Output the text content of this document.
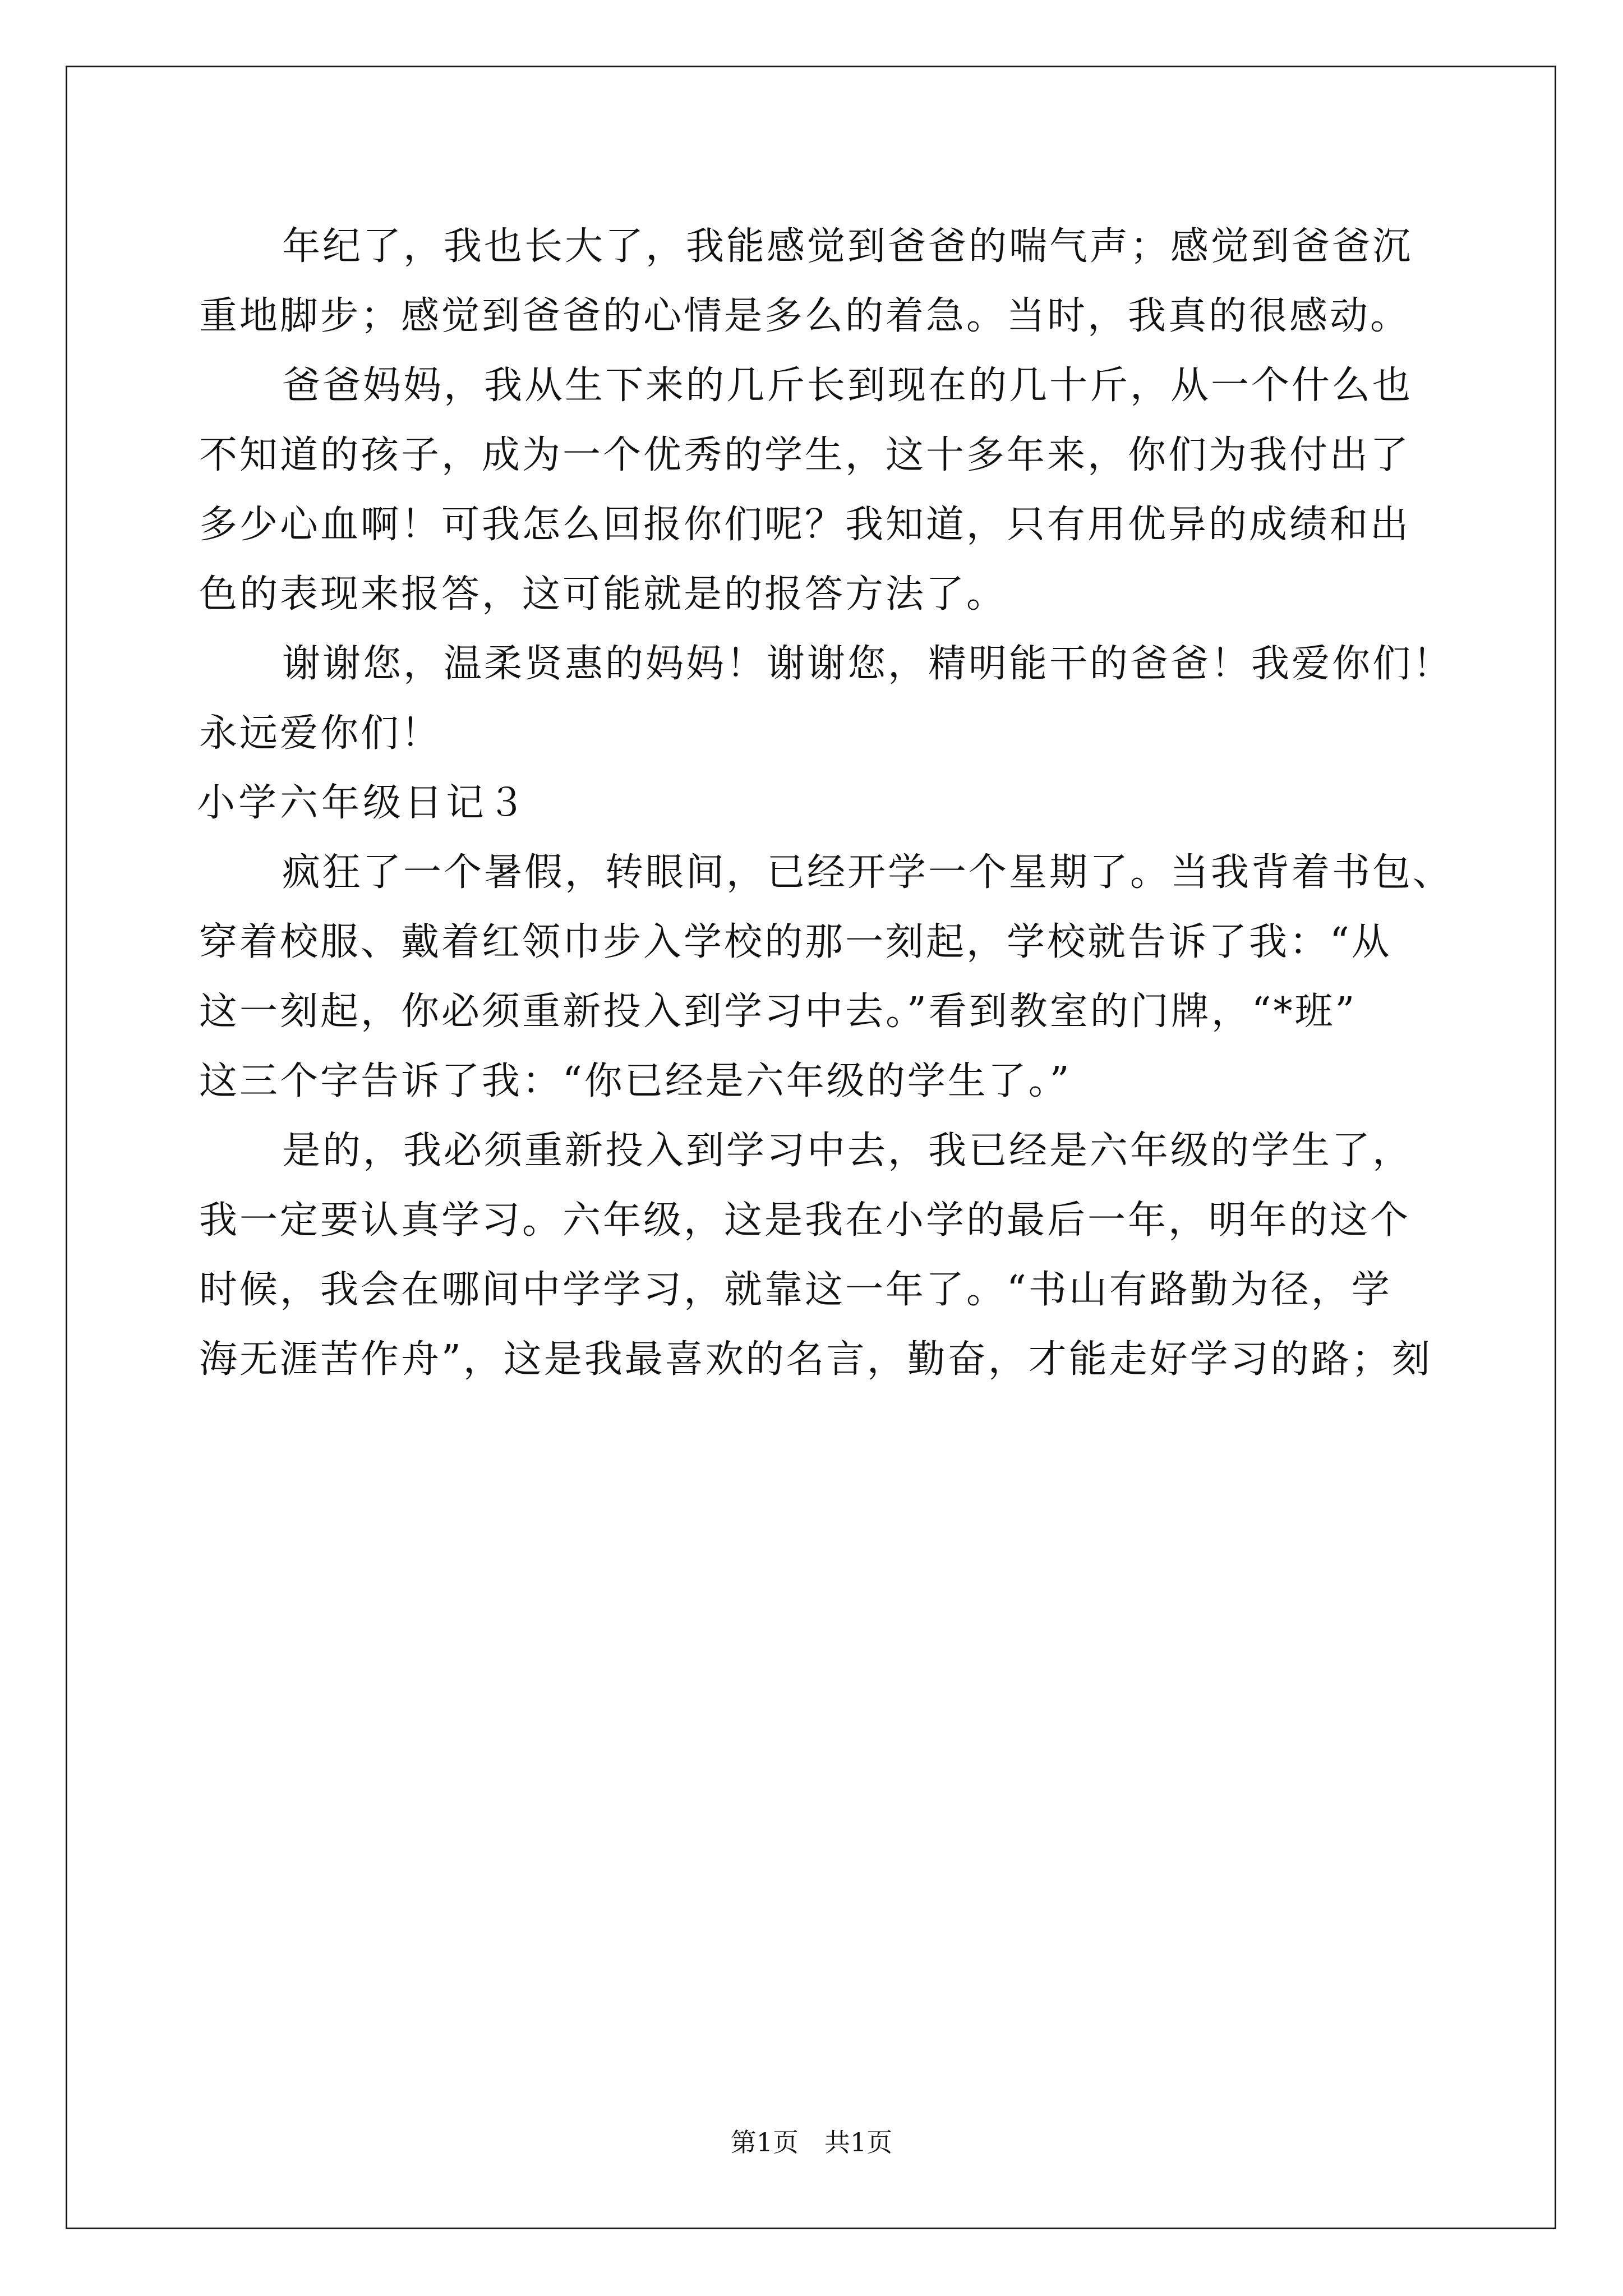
年纪了，我也长大了，我能感觉到爸爸的喘气声；感觉到爸爸沉
重地脚步；感觉到爸爸的心情是多么的着急。当时，我真的很感动。
爸爸妈妈，我从生下来的几斤长到现在的几十斤，从一个什么也
不知道的孩子，成为一个优秀的学生，这十多年来，你们为我付出了
多少心血啊！可我怎么回报你们呢？我知道，只有用优异的成绩和出
色的表现来报答，这可能就是的报答方法了。
谢谢您，温柔贤惠的妈妈！谢谢您，精明能干的爸爸！我爱你们！
永远爱你们！
小学六年级日记３
疯狂了一个暑假，转眼间，已经开学一个星期了。当我背着书包、
穿着校服、戴着红领巾步入学校的那一刻起，学校就告诉了我：“从
这一刻起，你必须重新投入到学习中去。”看到教室的门牌，“*班”
这三个字告诉了我：“你已经是六年级的学生了。”
是的，我必须重新投入到学习中去，我已经是六年级的学生了，
我一定要认真学习。六年级，这是我在小学的最后一年，明年的这个
时候，我会在哪间中学学习，就靠这一年了。“书山有路勤为径，学
海无涯苦作舟”，这是我最喜欢的名言，勤奋，才能走好学习的路；刻
第1页 共1页
